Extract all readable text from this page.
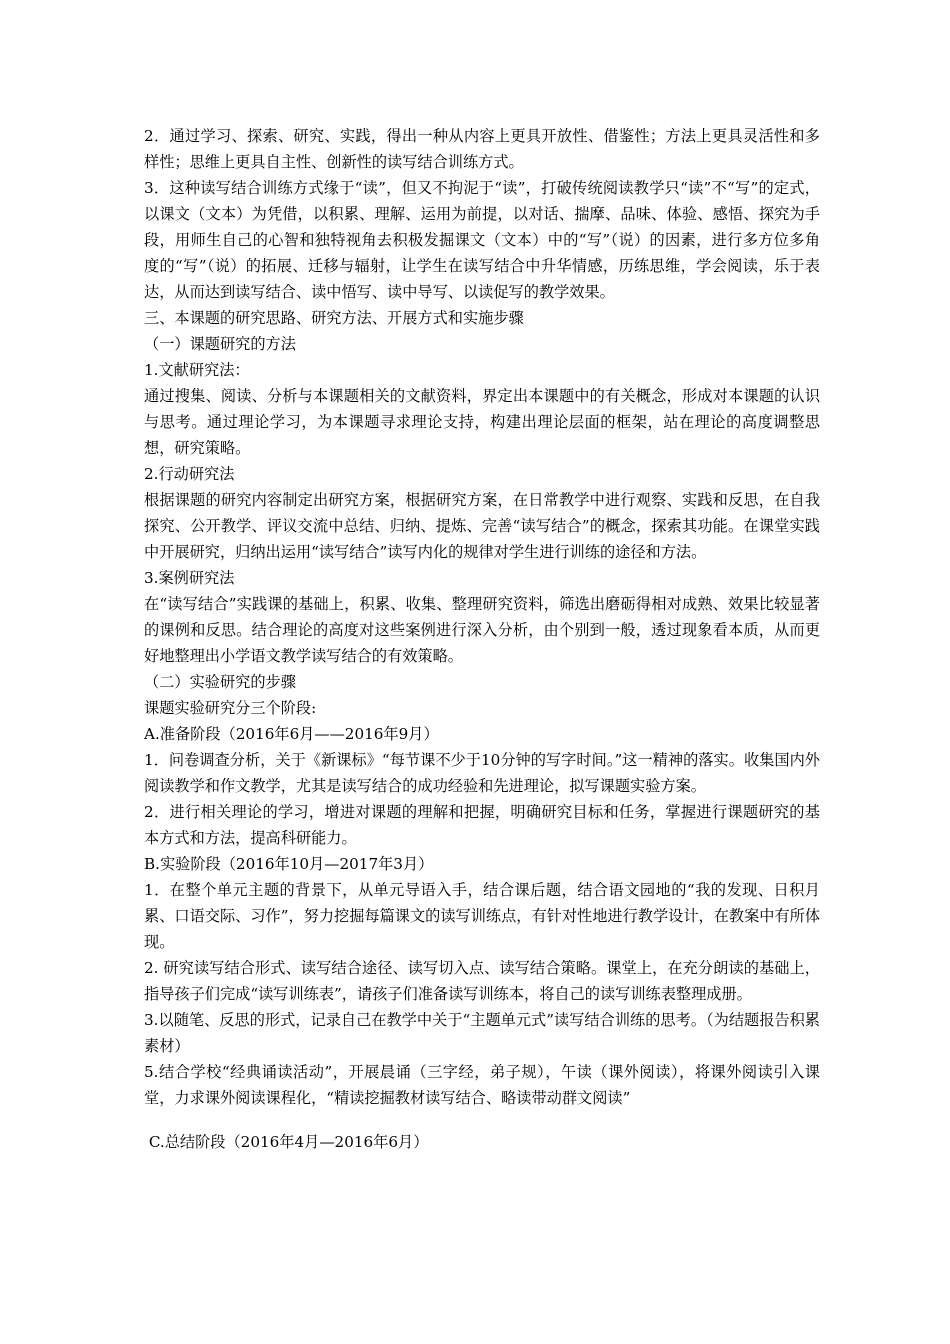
2．通过学习、探索、研究、实践，得出一种从内容上更具开放性、借鉴性；方法上更具灵活性和多样性；思维上更具自主性、创新性的读写结合训练方式。

3．这种读写结合训练方式缘于“读”，但又不拘泥于“读”，打破传统阅读教学只“读”不“写”的定式，以课文（文本）为凭借，以积累、理解、运用为前提，以对话、揣摩、品味、体验、感悟、探究为手段，用师生自己的心智和独特视角去积极发掘课文（文本）中的“写”（说）的因素，进行多方位多角度的“写”（说）的拓展、迁移与辐射，让学生在读写结合中升华情感，历练思维，学会阅读，乐于表达，从而达到读写结合、读中悟写、读中导写、以读促写的教学效果。

三、本课题的研究思路、研究方法、开展方式和实施步骤

（一）课题研究的方法

1.文献研究法：

通过搜集、阅读、分析与本课题相关的文献资料，界定出本课题中的有关概念，形成对本课题的认识与思考。通过理论学习，为本课题寻求理论支持，构建出理论层面的框架，站在理论的高度调整思想，研究策略。

2.行动研究法

根据课题的研究内容制定出研究方案，根据研究方案，在日常教学中进行观察、实践和反思，在自我探究、公开教学、评议交流中总结、归纳、提炼、完善“读写结合”的概念，探索其功能。在课堂实践中开展研究，归纳出运用“读写结合”读写内化的规律对学生进行训练的途径和方法。

3.案例研究法

在“读写结合”实践课的基础上，积累、收集、整理研究资料，筛选出磨砺得相对成熟、效果比较显著的课例和反思。结合理论的高度对这些案例进行深入分析，由个别到一般，透过现象看本质，从而更好地整理出小学语文教学读写结合的有效策略。

（二）实验研究的步骤

课题实验研究分三个阶段:

A.准备阶段（2016年6月——2016年9月）

1．问卷调查分析，关于《新课标》“每节课不少于10分钟的写字时间。”这一精神的落实。收集国内外阅读教学和作文教学，尤其是读写结合的成功经验和先进理论，拟写课题实验方案。

2．进行相关理论的学习，增进对课题的理解和把握，明确研究目标和任务，掌握进行课题研究的基本方式和方法，提高科研能力。

B.实验阶段（2016年10月—2017年3月）

1．在整个单元主题的背景下，从单元导语入手，结合课后题，结合语文园地的“我的发现、日积月累、口语交际、习作”，努力挖掘每篇课文的读写训练点，有针对性地进行教学设计，在教案中有所体现。

2. 研究读写结合形式、读写结合途径、读写切入点、读写结合策略。课堂上，在充分朗读的基础上，指导孩子们完成“读写训练表”，请孩子们准备读写训练本，将自己的读写训练表整理成册。

3.以随笔、反思的形式，记录自己在教学中关于“主题单元式”读写结合训练的思考。（为结题报告积累素材）

5.结合学校“经典诵读活动”，开展晨诵（三字经，弟子规），午读（课外阅读），将课外阅读引入课堂，力求课外阅读课程化，“精读挖掘教材读写结合、略读带动群文阅读”

C.总结阶段（2016年4月—2016年6月）
